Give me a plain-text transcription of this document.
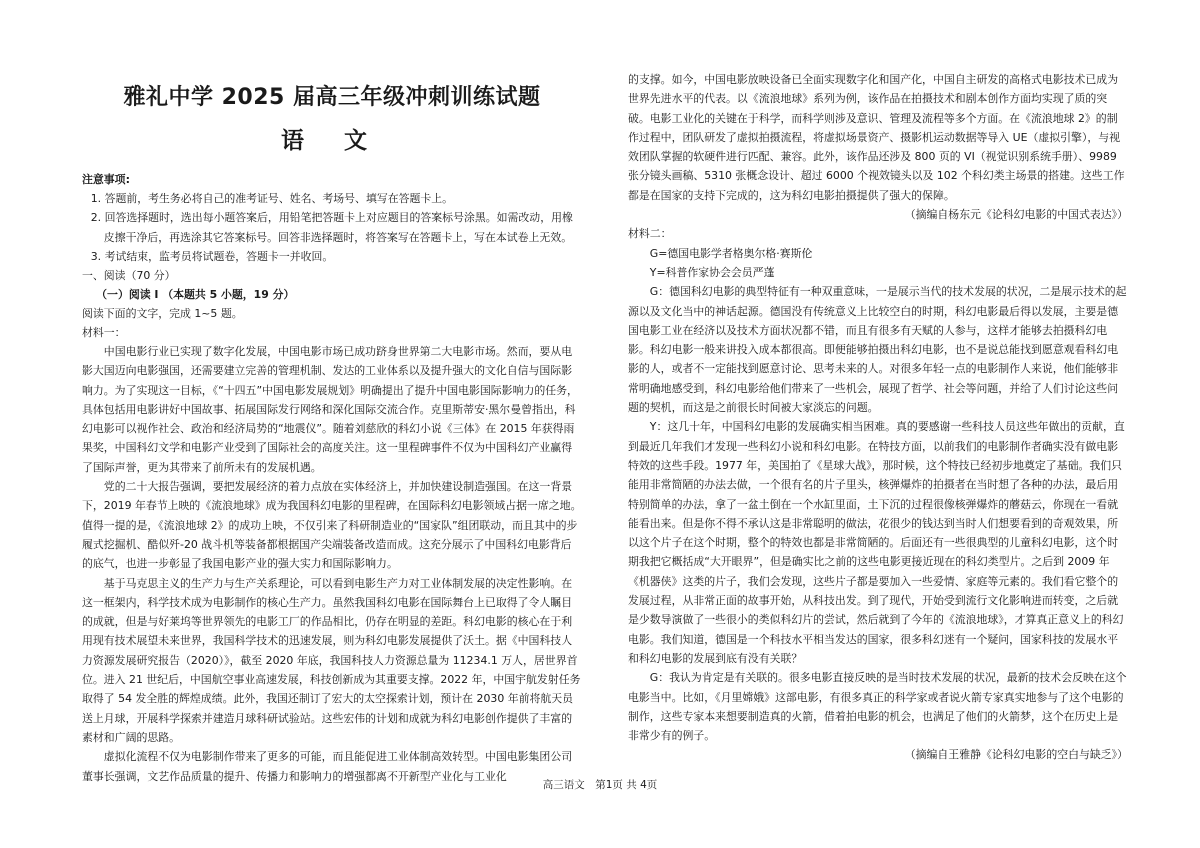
雅礼中学 2025 届高三年级冲刺训练试题
语 文
注意事项:

1. 答题前，考生务必将自己的准考证号、姓名、考场号、填写在答题卡上。

2. 回答选择题时，选出每小题答案后，用铅笔把答题卡上对应题目的答案标号涂黑。如需改动，用橡皮擦干净后，再选涂其它答案标号。回答非选择题时，将答案写在答题卡上，写在本试卷上无效。

3. 考试结束，监考员将试题卷，答题卡一并收回。

一、阅读（70 分）
（一）阅读 I （本题共 5 小题，19 分）
阅读下面的文字，完成 1~5 题。
材料一：

中国电影行业已实现了数字化发展，中国电影市场已成功跻身世界第二大电影市场。然而，要从电影大国迈向电影强国，还需要建立完善的管理机制、发达的工业体系以及提升强大的文化自信与国际影响力。为了实现这一目标，《“十四五”中国电影发展规划》明确提出了提升中国电影国际影响力的任务，具体包括用电影讲好中国故事、拓展国际发行网络和深化国际交流合作。克里斯蒂安·黑尔曼曾指出，科幻电影可以视作社会、政治和经济局势的“地震仪”。随着刘慈欣的科幻小说《三体》在 2015 年获得雨果奖，中国科幻文学和电影产业受到了国际社会的高度关注。这一里程碑事件不仅为中国科幻产业赢得了国际声誉，更为其带来了前所未有的发展机遇。

党的二十大报告强调，要把发展经济的着力点放在实体经济上，并加快建设制造强国。在这一背景下，2019 年春节上映的《流浪地球》成为我国科幻电影的里程碑，在国际科幻电影领域占据一席之地。值得一提的是，《流浪地球 2》的成功上映，不仅引来了科研制造业的“国家队”组团联动，而且其中的步履式挖掘机、酷似歼-20 战斗机等装备都根据国产尖端装备改造而成。这充分展示了中国科幻电影背后的底气，也进一步彰显了我国电影产业的强大实力和国际影响力。

基于马克思主义的生产力与生产关系理论，可以看到电影生产力对工业体制发展的决定性影响。在这一框架内，科学技术成为电影制作的核心生产力。虽然我国科幻电影在国际舞台上已取得了令人瞩目的成就，但是与好莱坞等世界领先的电影工厂的作品相比，仍存在明显的差距。科幻电影的核心在于利用现有技术展望未来世界，我国科学技术的迅速发展，则为科幻电影发展提供了沃土。据《中国科技人力资源发展研究报告（2020）》，截至 2020 年底，我国科技人力资源总量为 11234.1 万人，居世界首位。进入 21 世纪后，中国航空事业高速发展，科技创新成为其重要支撑。2022 年，中国宇航发射任务取得了 54 发全胜的辉煌成绩。此外，我国还制订了宏大的太空探索计划，预计在 2030 年前将航天员送上月球，开展科学探索并建造月球科研试验站。这些宏伟的计划和成就为科幻电影创作提供了丰富的素材和广阔的思路。

虚拟化流程不仅为电影制作带来了更多的可能，而且能促进工业体制高效转型。中国电影集团公司董事长强调，文艺作品质量的提升、传播力和影响力的增强都离不开新型产业化与工业化

的支撑。如今，中国电影放映设备已全面实现数字化和国产化，中国自主研发的高格式电影技术已成为世界先进水平的代表。以《流浪地球》系列为例，该作品在拍摄技术和剧本创作方面均实现了质的突破。电影工业化的关键在于科学，而科学则涉及意识、管理及流程等多个方面。在《流浪地球 2》的制作过程中，团队研发了虚拟拍摄流程，将虚拟场景资产、摄影机运动数据等导入 UE（虚拟引擎），与视效团队掌握的软硬件进行匹配、兼容。此外，该作品还涉及 800 页的 VI（视觉识别系统手册）、9989 张分镜头画稿、5310 张概念设计、超过 6000 个视效镜头以及 102 个科幻类主场景的搭建。这些工作都是在国家的支持下完成的，这为科幻电影拍摄提供了强大的保障。

（摘编自杨东元《论科幻电影的中国式表达》）

材料二：

G=德国电影学者格奥尔格·赛斯伦

Y=科普作家协会会员严蓬

G：德国科幻电影的典型特征有一种双重意味，一是展示当代的技术发展的状况，二是展示技术的起源以及文化当中的神话起源。德国没有传统意义上比较空白的时期，科幻电影最后得以发展，主要是德国电影工业在经济以及技术方面状况都不错，而且有很多有天赋的人参与，这样才能够去拍摄科幻电影。科幻电影一般来讲投入成本都很高。即便能够拍摄出科幻电影，也不是说总能找到愿意观看科幻电影的人，或者不一定能找到愿意讨论、思考未来的人。对很多年轻一点的电影制作人来说，他们能够非常明确地感受到，科幻电影给他们带来了一些机会，展现了哲学、社会等问题，并给了人们讨论这些问题的契机，而这是之前很长时间被大家淡忘的问题。

Y：这几十年，中国科幻电影的发展确实相当困难。真的要感谢一些科技人员这些年做出的贡献，直到最近几年我们才发现一些科幻小说和科幻电影。在特技方面，以前我们的电影制作者确实没有做电影特效的这些手段。1977 年，美国拍了《星球大战》，那时候，这个特技已经初步地奠定了基础。我们只能用非常简陋的办法去做，一个很有名的片子里头，核弹爆炸的拍摄者在当时想了各种的办法，最后用特别简单的办法，拿了一盆土倒在一个水缸里面，土下沉的过程很像核弹爆炸的蘑菇云，你现在一看就能看出来。但是你不得不承认这是非常聪明的做法，花很少的钱达到当时人们想要看到的奇观效果，所以这个片子在这个时期，整个的特效也都是非常简陋的。后面还有一些很典型的儿童科幻电影，这个时期我把它概括成“大开眼界”，但是确实比之前的这些电影更接近现在的科幻类型片。之后到 2009 年《机器侠》这类的片子，我们会发现，这些片子都是要加入一些爱情、家庭等元素的。我们看它整个的发展过程，从非常正面的故事开始，从科技出发。到了现代，开始受到流行文化影响进而转变，之后就是少数导演做了一些很小的类似科幻片的尝试，然后就到了今年的《流浪地球》，才算真正意义上的科幻电影。我们知道，德国是一个科技水平相当发达的国家，很多科幻迷有一个疑问，国家科技的发展水平和科幻电影的发展到底有没有关联？

G：我认为肯定是有关联的。很多电影直接反映的是当时技术发展的状况，最新的技术会反映在这个电影当中。比如，《月里嫦娥》这部电影，有很多真正的科学家或者说火箭专家真实地参与了这个电影的制作，这些专家本来想要制造真的火箭，借着拍电影的机会，也满足了他们的火箭梦，这个在历史上是非常少有的例子。

（摘编自王雅静《论科幻电影的空白与缺乏》）

高三语文　第1页 共 4页
